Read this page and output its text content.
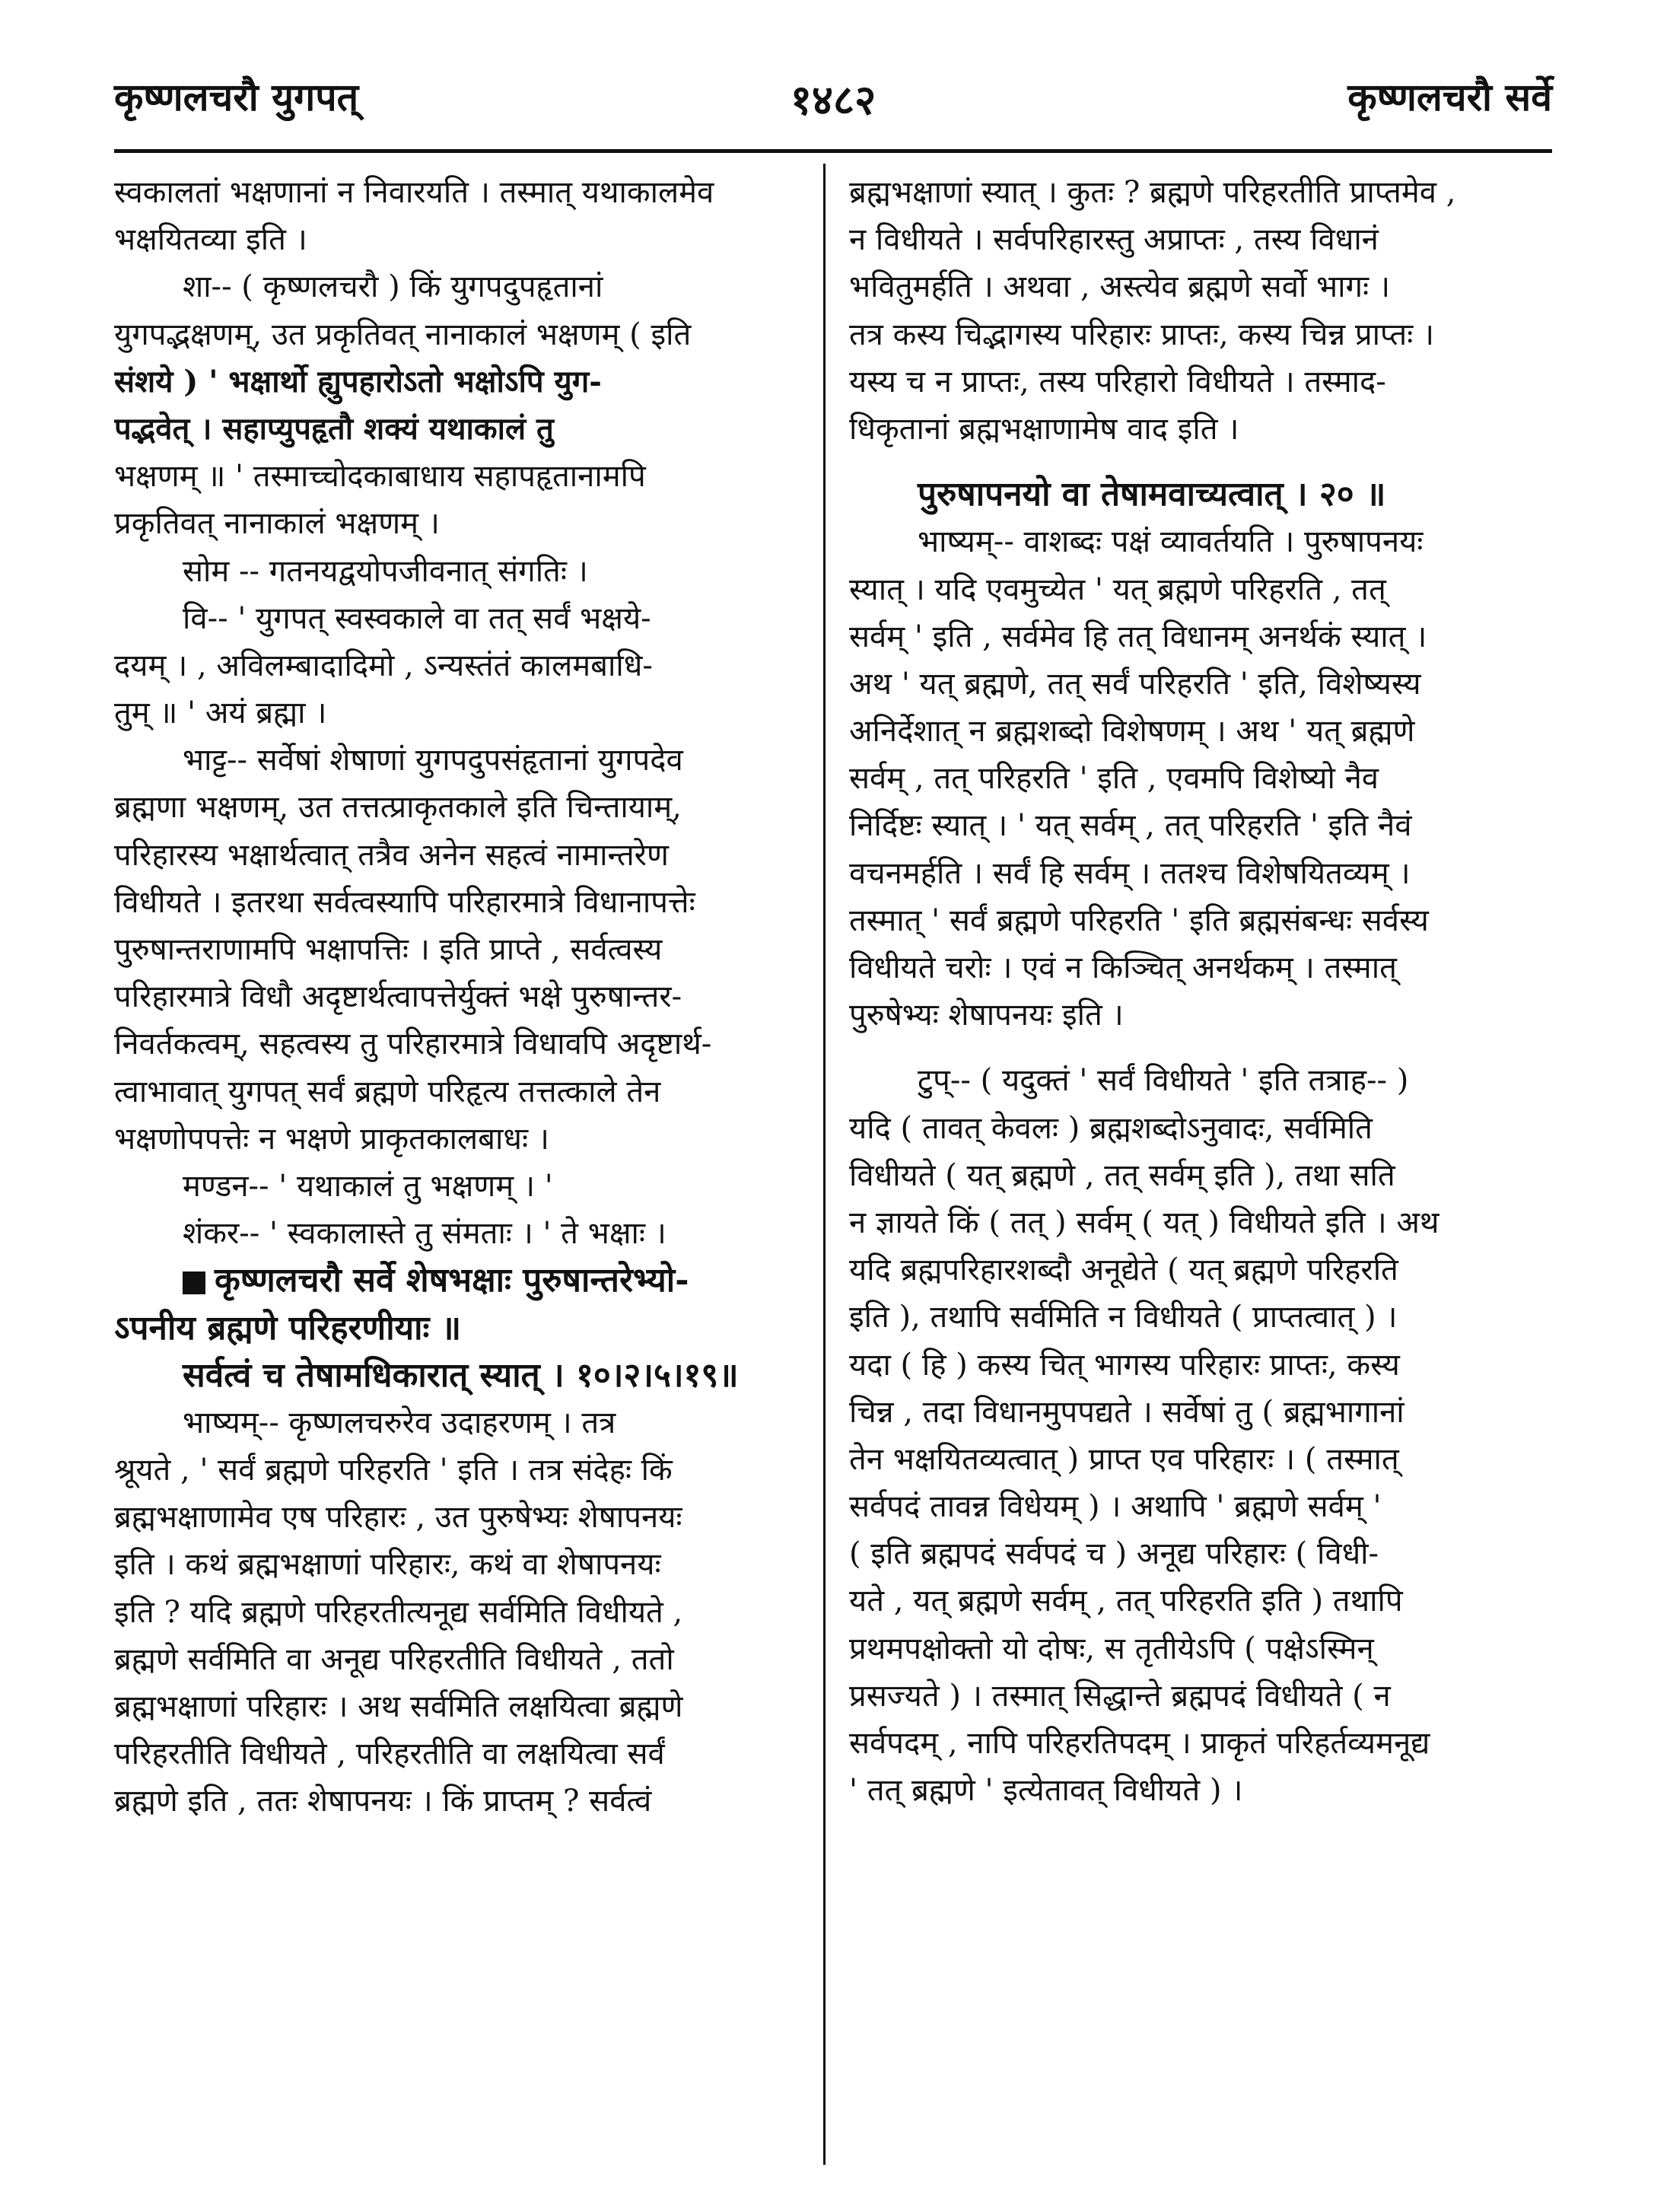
कृष्णलचरौ युगपत्	१४८२	कृष्णलचरौ सर्वे
स्वकालतां भक्षणानां न निवारयति । तस्मात् यथाकालमेव
भक्षयितव्या इति ।
शा-- ( कृष्णलचरौ ) किं युगपदुपहृतानां
युगपद्भक्षणम्, उत प्रकृतिवत् नानाकालं भक्षणम् ( इति
संशये ) ' भक्षार्थो ह्युपहारोऽतो भक्षोऽपि युग-
पद्भवेत् । सहाप्युपहृतौ शक्यं यथाकालं तु
भक्षणम् ॥ ' तस्माच्चोदकाबाधाय सहापहृतानामपि
प्रकृतिवत् नानाकालं भक्षणम् ।
सोम -- गतनयद्वयोपजीवनात् संगतिः ।
वि-- ' युगपत् स्वस्वकाले वा तत् सर्वं भक्षये-
दयम् । , अविलम्बादादिमो , ऽन्यस्तंतं कालमबाधि-
तुम् ॥ ' अयं ब्रह्मा ।
भाट्ट-- सर्वेषां शेषाणां युगपदुपसंहृतानां युगपदेव
ब्रह्मणा भक्षणम्, उत तत्तत्प्राकृतकाले इति चिन्तायाम्,
परिहारस्य भक्षार्थत्वात् तत्रैव अनेन सहत्वं नामान्तरेण
विधीयते । इतरथा सर्वत्वस्यापि परिहारमात्रे विधानापत्तेः
पुरुषान्तराणामपि भक्षापत्तिः । इति प्राप्ते , सर्वत्वस्य
परिहारमात्रे विधौ अदृष्टार्थत्वापत्तेर्युक्तं भक्षे पुरुषान्तर-
निवर्तकत्वम्, सहत्वस्य तु परिहारमात्रे विधावपि अदृष्टार्थ-
त्वाभावात् युगपत् सर्वं ब्रह्मणे परिहृत्य तत्तत्काले तेन
भक्षणोपपत्तेः न भक्षणे प्राकृतकालबाधः ।
मण्डन-- ' यथाकालं तु भक्षणम् । '
शंकर-- ' स्वकालास्ते तु संमताः । ' ते भक्षाः ।
कृष्णलचरौ सर्वे शेषभक्षाः पुरुषान्तरेभ्यो-
ऽपनीय ब्रह्मणे परिहरणीयाः ॥
सर्वत्वं च तेषामधिकारात् स्यात् । १०।२।५।१९॥
भाष्यम्-- कृष्णलचरुरेव उदाहरणम् । तत्र
श्रूयते , ' सर्वं ब्रह्मणे परिहरति ' इति । तत्र संदेहः किं
ब्रह्मभक्षाणामेव एष परिहारः , उत पुरुषेभ्यः शेषापनयः
इति । कथं ब्रह्मभक्षाणां परिहारः, कथं वा शेषापनयः
इति ? यदि ब्रह्मणे परिहरतीत्यनूद्य सर्वमिति विधीयते ,
ब्रह्मणे सर्वमिति वा अनूद्य परिहरतीति विधीयते , ततो
ब्रह्मभक्षाणां परिहारः । अथ सर्वमिति लक्षयित्वा ब्रह्मणे
परिहरतीति विधीयते , परिहरतीति वा लक्षयित्वा सर्वं
ब्रह्मणे इति , ततः शेषापनयः । किं प्राप्तम् ? सर्वत्वं
ब्रह्मभक्षाणां स्यात् । कुतः ? ब्रह्मणे परिहरतीति प्राप्तमेव ,
न विधीयते । सर्वपरिहारस्तु अप्राप्तः , तस्य विधानं
भवितुमर्हति । अथवा , अस्त्येव ब्रह्मणे सर्वो भागः ।
तत्र कस्य चिद्भागस्य परिहारः प्राप्तः, कस्य चिन्न प्राप्तः ।
यस्य च न प्राप्तः, तस्य परिहारो विधीयते । तस्माद-
धिकृतानां ब्रह्मभक्षाणामेष वाद इति ।
पुरुषापनयो वा तेषामवाच्यत्वात् । २० ॥
भाष्यम्-- वाशब्दः पक्षं व्यावर्तयति । पुरुषापनयः
स्यात् । यदि एवमुच्येत ' यत् ब्रह्मणे परिहरति , तत्
सर्वम् ' इति , सर्वमेव हि तत् विधानम् अनर्थकं स्यात् ।
अथ ' यत् ब्रह्मणे, तत् सर्वं परिहरति ' इति, विशेष्यस्य
अनिर्देशात् न ब्रह्मशब्दो विशेषणम् । अथ ' यत् ब्रह्मणे
सर्वम् , तत् परिहरति ' इति , एवमपि विशेष्यो नैव
निर्दिष्टः स्यात् । ' यत् सर्वम् , तत् परिहरति ' इति नैवं
वचनमर्हति । सर्वं हि सर्वम् । ततश्च विशेषयितव्यम् ।
तस्मात् ' सर्वं ब्रह्मणे परिहरति ' इति ब्रह्मसंबन्धः सर्वस्य
विधीयते चरोः । एवं न किञ्चित् अनर्थकम् । तस्मात्
पुरुषेभ्यः शेषापनयः इति ।
टुप्-- ( यदुक्तं ' सर्वं विधीयते ' इति तत्राह-- )
यदि ( तावत् केवलः ) ब्रह्मशब्दोऽनुवादः, सर्वमिति
विधीयते ( यत् ब्रह्मणे , तत् सर्वम् इति ), तथा सति
न ज्ञायते किं ( तत् ) सर्वम् ( यत् ) विधीयते इति । अथ
यदि ब्रह्मपरिहारशब्दौ अनूद्येते ( यत् ब्रह्मणे परिहरति
इति ), तथापि सर्वमिति न विधीयते ( प्राप्तत्वात् ) ।
यदा ( हि ) कस्य चित् भागस्य परिहारः प्राप्तः, कस्य
चिन्न , तदा विधानमुपपद्यते । सर्वेषां तु ( ब्रह्मभागानां
तेन भक्षयितव्यत्वात् ) प्राप्त एव परिहारः । ( तस्मात्
सर्वपदं तावन्न विधेयम् ) । अथापि ' ब्रह्मणे सर्वम् '
( इति ब्रह्मपदं सर्वपदं च ) अनूद्य परिहारः ( विधी-
यते , यत् ब्रह्मणे सर्वम् , तत् परिहरति इति ) तथापि
प्रथमपक्षोक्तो यो दोषः, स तृतीयेऽपि ( पक्षेऽस्मिन्
प्रसज्यते ) । तस्मात् सिद्धान्ते ब्रह्मपदं विधीयते ( न
सर्वपदम् , नापि परिहरतिपदम् । प्राकृतं परिहर्तव्यमनूद्य
' तत् ब्रह्मणे ' इत्येतावत् विधीयते ) ।
